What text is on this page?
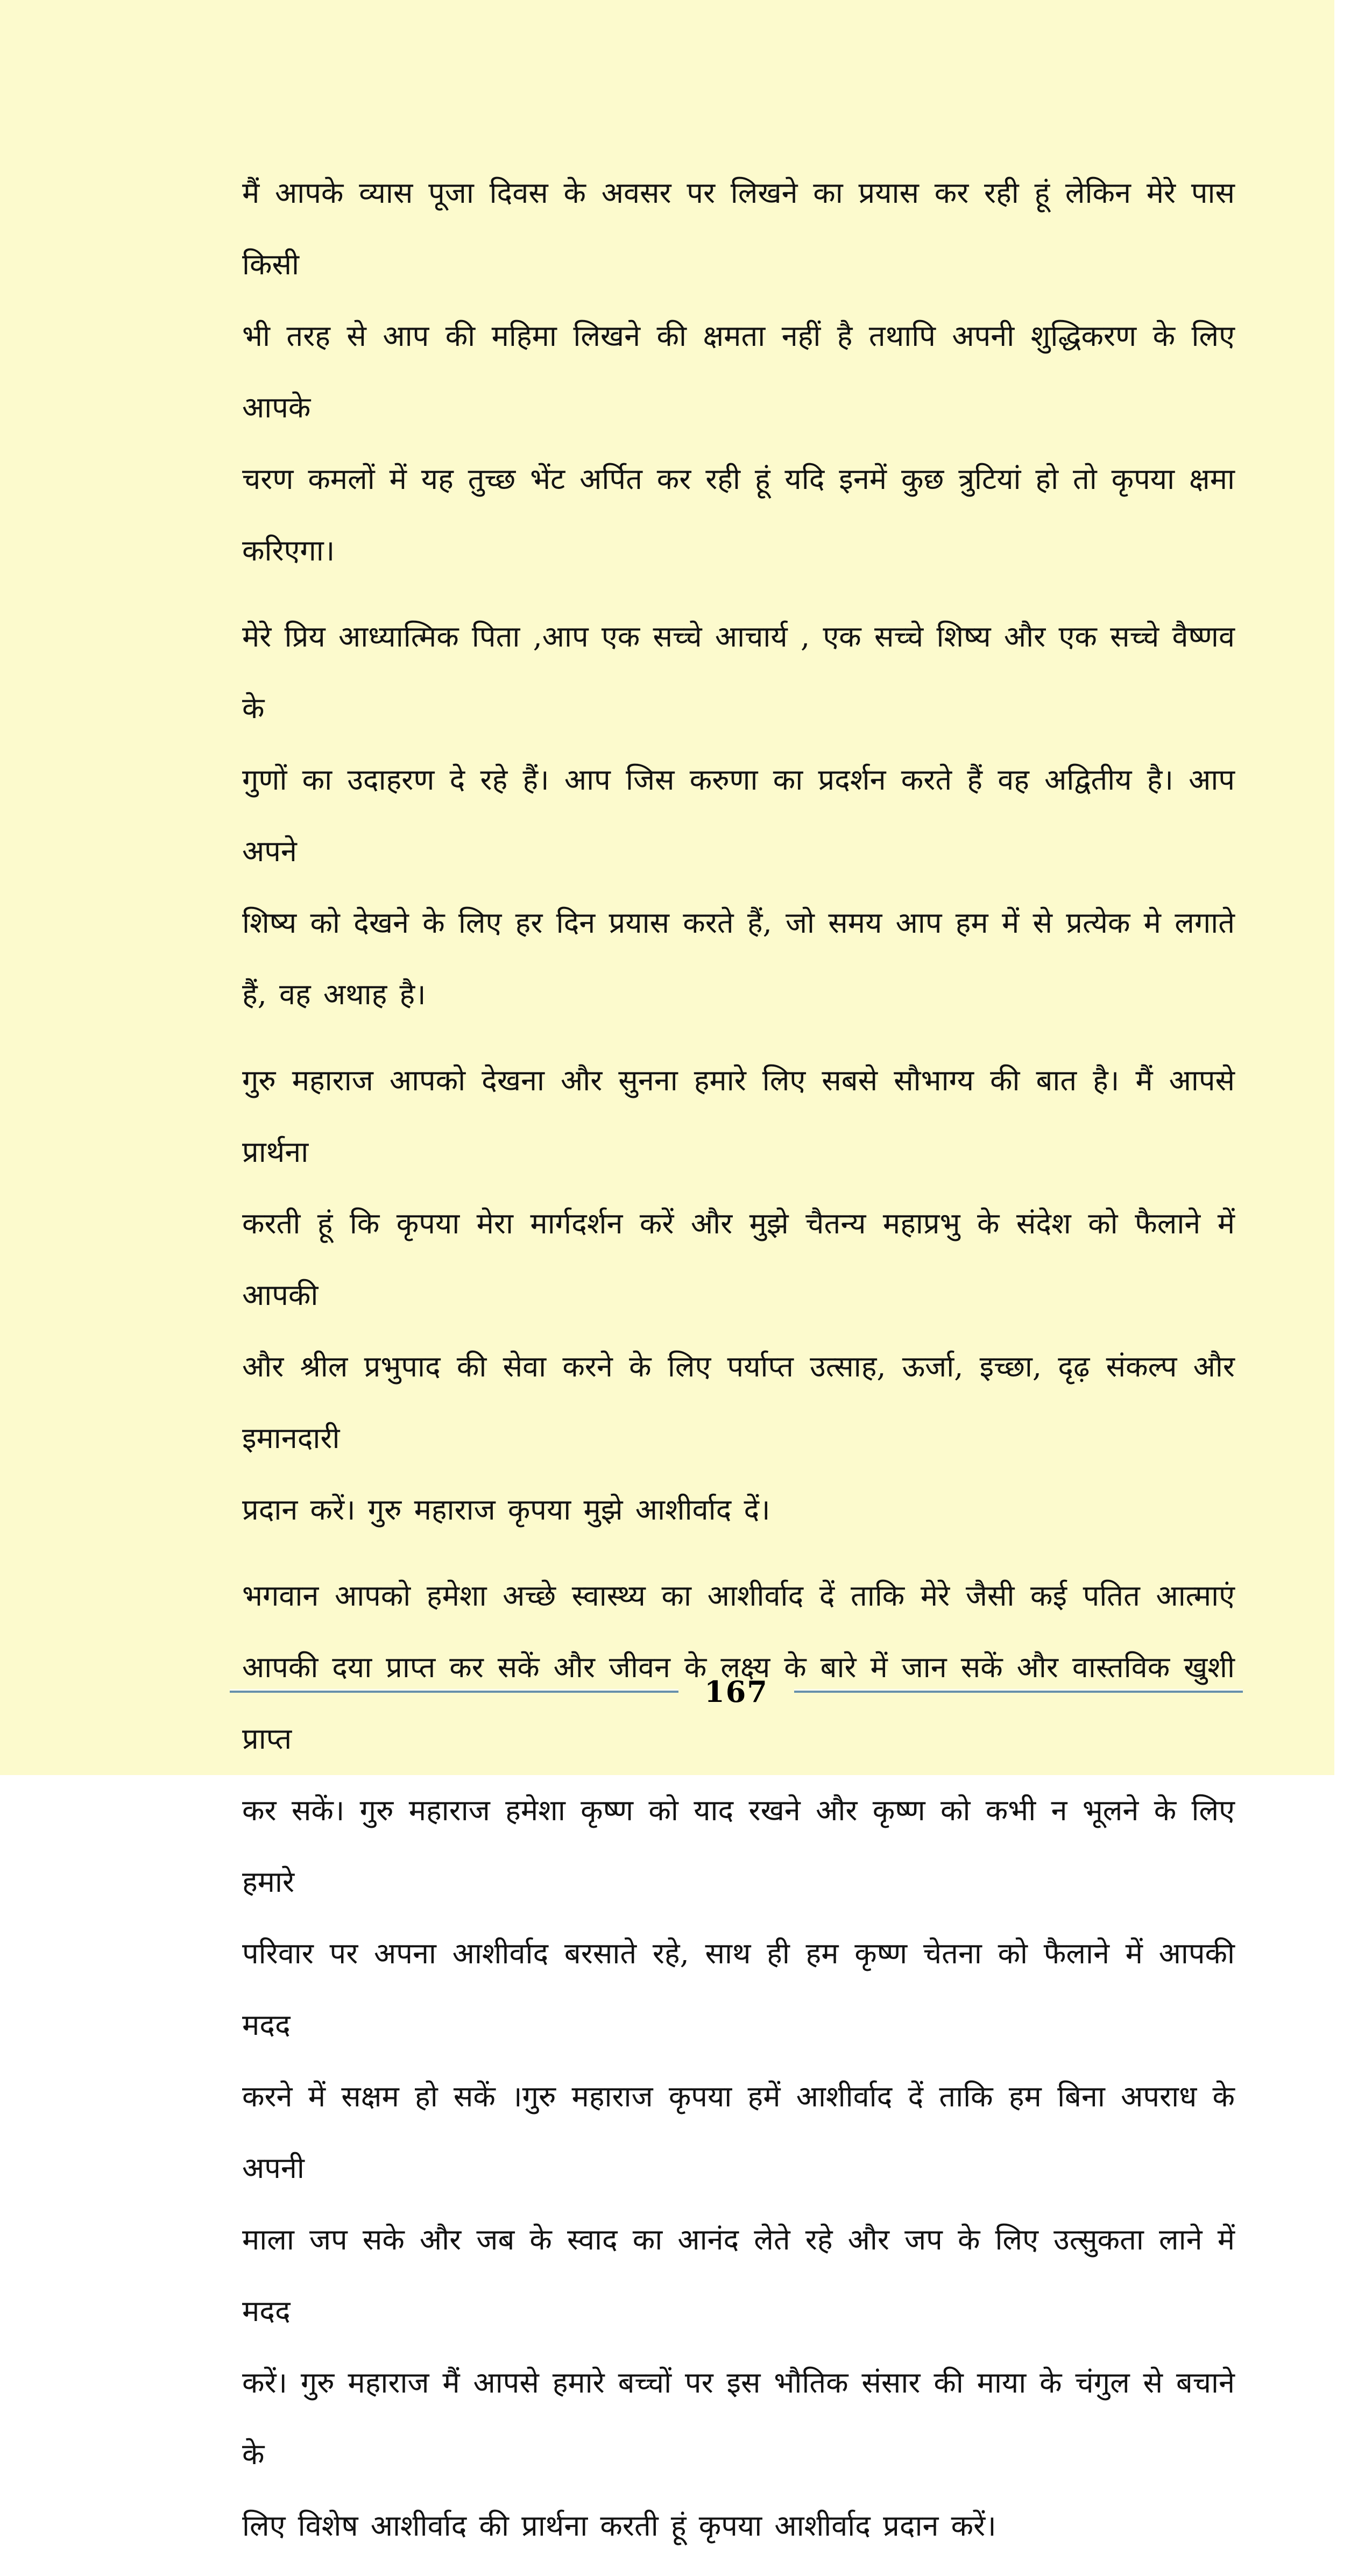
मैं आपके व्यास पूजा दिवस के अवसर पर लिखने का प्रयास कर रही हूं लेकिन मेरे पास किसी
भी तरह से आप की महिमा लिखने की क्षमता नहीं है तथापि अपनी शुद्धिकरण के लिए आपके
चरण कमलों में यह तुच्छ भेंट अर्पित कर रही हूं यदि इनमें कुछ त्रुटियां हो तो कृपया क्षमा
करिएगा।
मेरे प्रिय आध्यात्मिक पिता ,आप एक सच्चे आचार्य , एक सच्चे शिष्य और एक सच्चे वैष्णव के
गुणों का उदाहरण दे रहे हैं। आप जिस करुणा का प्रदर्शन करते हैं वह अद्वितीय है। आप अपने
शिष्य को देखने के लिए हर दिन प्रयास करते हैं, जो समय आप हम में से प्रत्येक मे लगाते
हैं, वह अथाह है।
गुरु महाराज आपको देखना और सुनना हमारे लिए सबसे सौभाग्य की बात है। मैं आपसे प्रार्थना
करती हूं कि कृपया मेरा मार्गदर्शन करें और मुझे चैतन्य महाप्रभु के संदेश को फैलाने में आपकी
और श्रील प्रभुपाद की सेवा करने के लिए पर्याप्त उत्साह, ऊर्जा, इच्छा, दृढ़ संकल्प और इमानदारी
प्रदान करें। गुरु महाराज कृपया मुझे आशीर्वाद दें।
भगवान आपको हमेशा अच्छे स्वास्थ्य का आशीर्वाद दें ताकि मेरे जैसी कई पतित आत्माएं
आपकी दया प्राप्त कर सकें और जीवन के लक्ष्य के बारे में जान सकें और वास्तविक खुशी प्राप्त
कर सकें। गुरु महाराज हमेशा कृष्ण को याद रखने और कृष्ण को कभी न भूलने के लिए हमारे
परिवार पर अपना आशीर्वाद बरसाते रहे, साथ ही हम कृष्ण चेतना को फैलाने में आपकी मदद
करने में सक्षम हो सकें ।गुरु महाराज कृपया हमें आशीर्वाद दें ताकि हम बिना अपराध के अपनी
माला जप सके और जब के स्वाद का आनंद लेते रहे और जप के लिए उत्सुकता लाने में मदद
करें। गुरु महाराज मैं आपसे हमारे बच्चों पर इस भौतिक संसार की माया के चंगुल से बचाने के
लिए विशेष आशीर्वाद की प्रार्थना करती हूं कृपया आशीर्वाद प्रदान करें।
167
